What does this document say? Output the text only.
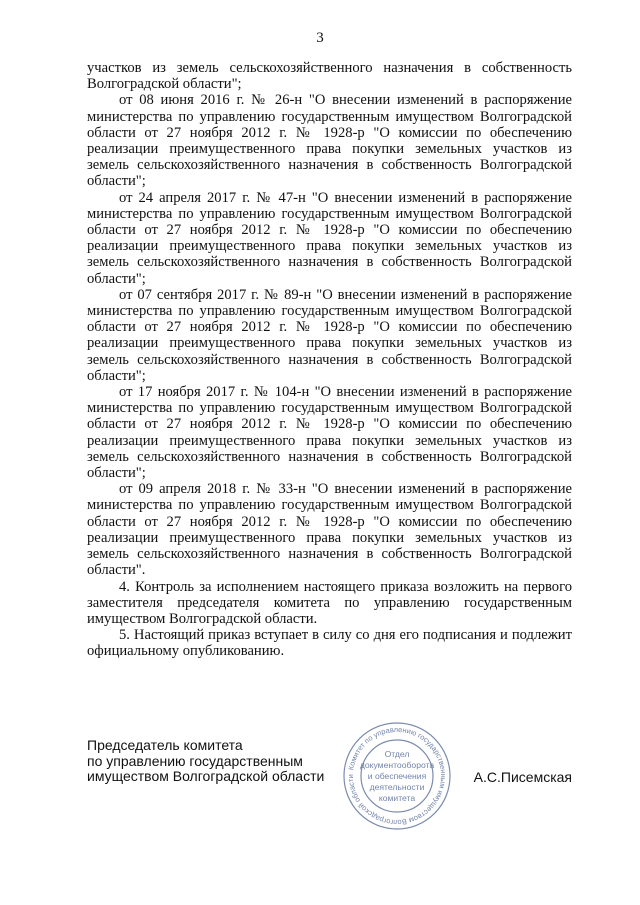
3

участков из земель сельскохозяйственного назначения в собственность Волгоградской области";

от 08 июня 2016 г. № 26-н "О внесении изменений в распоряжение министерства по управлению государственным имуществом Волгоградской области от 27 ноября 2012 г. № 1928-р "О комиссии по обеспечению реализации преимущественного права покупки земельных участков из земель сельскохозяйственного назначения в собственность Волгоградской области";

от 24 апреля 2017 г. № 47-н "О внесении изменений в распоряжение министерства по управлению государственным имуществом Волгоградской области от 27 ноября 2012 г. № 1928-р "О комиссии по обеспечению реализации преимущественного права покупки земельных участков из земель сельскохозяйственного назначения в собственность Волгоградской области";

от 07 сентября 2017 г. № 89-н "О внесении изменений в распоряжение министерства по управлению государственным имуществом Волгоградской области от 27 ноября 2012 г. № 1928-р "О комиссии по обеспечению реализации преимущественного права покупки земельных участков из земель сельскохозяйственного назначения в собственность Волгоградской области";

от 17 ноября 2017 г. № 104-н "О внесении изменений в распоряжение министерства по управлению государственным имуществом Волгоградской области от 27 ноября 2012 г. № 1928-р "О комиссии по обеспечению реализации преимущественного права покупки земельных участков из земель сельскохозяйственного назначения в собственность Волгоградской области";

от 09 апреля 2018 г. № 33-н "О внесении изменений в распоряжение министерства по управлению государственным имуществом Волгоградской области от 27 ноября 2012 г. № 1928-р "О комиссии по обеспечению реализации преимущественного права покупки земельных участков из земель сельскохозяйственного назначения в собственность Волгоградской области".

4. Контроль за исполнением настоящего приказа возложить на первого заместителя председателя комитета по управлению государственным имуществом Волгоградской области.

5. Настоящий приказ вступает в силу со дня его подписания и подлежит официальному опубликованию.

Председатель комитета
по управлению государственным
имуществом Волгоградской области
Комитет по управлению государственным имуществом Волгоградской области
Отдел
документооборота
и обеспечения
деятельности
комитета
А.С.Писемская
